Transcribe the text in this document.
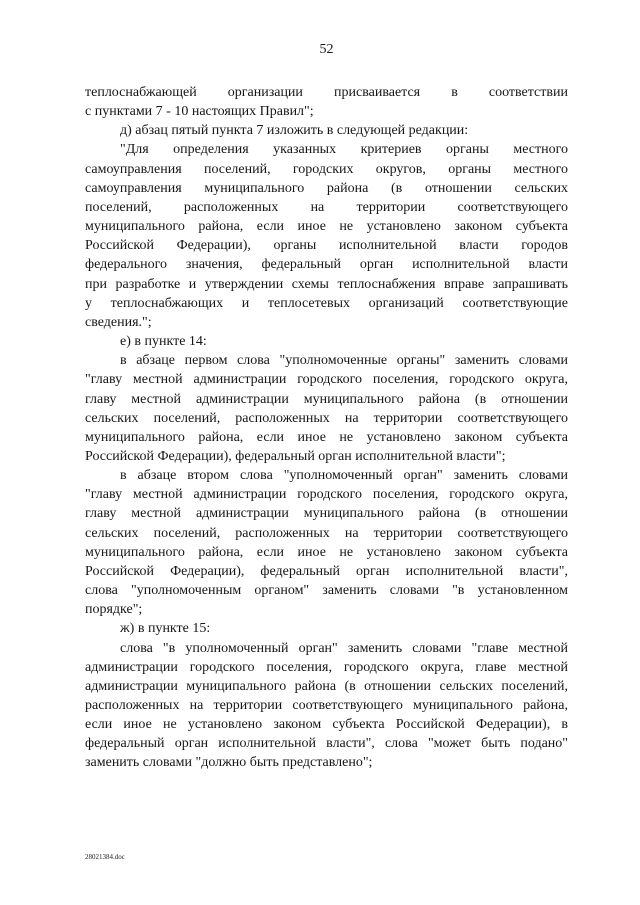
52
теплоснабжающей организации присваивается в соответствии
с пунктами 7 - 10 настоящих Правил";
д) абзац пятый пункта 7 изложить в следующей редакции:
"Для определения указанных критериев органы местного
самоуправления поселений, городских округов, органы местного
самоуправления муниципального района (в отношении сельских
поселений, расположенных на территории соответствующего
муниципального района, если иное не установлено законом субъекта
Российской Федерации), органы исполнительной власти городов
федерального значения, федеральный орган исполнительной власти
при разработке и утверждении схемы теплоснабжения вправе запрашивать
у теплоснабжающих и теплосетевых организаций соответствующие
сведения.";
е) в пункте 14:
в абзаце первом слова "уполномоченные органы" заменить словами
"главу местной администрации городского поселения, городского округа,
главу местной администрации муниципального района (в отношении
сельских поселений, расположенных на территории соответствующего
муниципального района, если иное не установлено законом субъекта
Российской Федерации), федеральный орган исполнительной власти";
в абзаце втором слова "уполномоченный орган" заменить словами
"главу местной администрации городского поселения, городского округа,
главу местной администрации муниципального района (в отношении
сельских поселений, расположенных на территории соответствующего
муниципального района, если иное не установлено законом субъекта
Российской Федерации), федеральный орган исполнительной власти",
слова "уполномоченным органом" заменить словами "в установленном
порядке";
ж) в пункте 15:
слова "в уполномоченный орган" заменить словами "главе местной
администрации городского поселения, городского округа, главе местной
администрации муниципального района (в отношении сельских поселений,
расположенных на территории соответствующего муниципального района,
если иное не установлено законом субъекта Российской Федерации), в
федеральный орган исполнительной власти", слова "может быть подано"
заменить словами "должно быть представлено";
28021384.doc
